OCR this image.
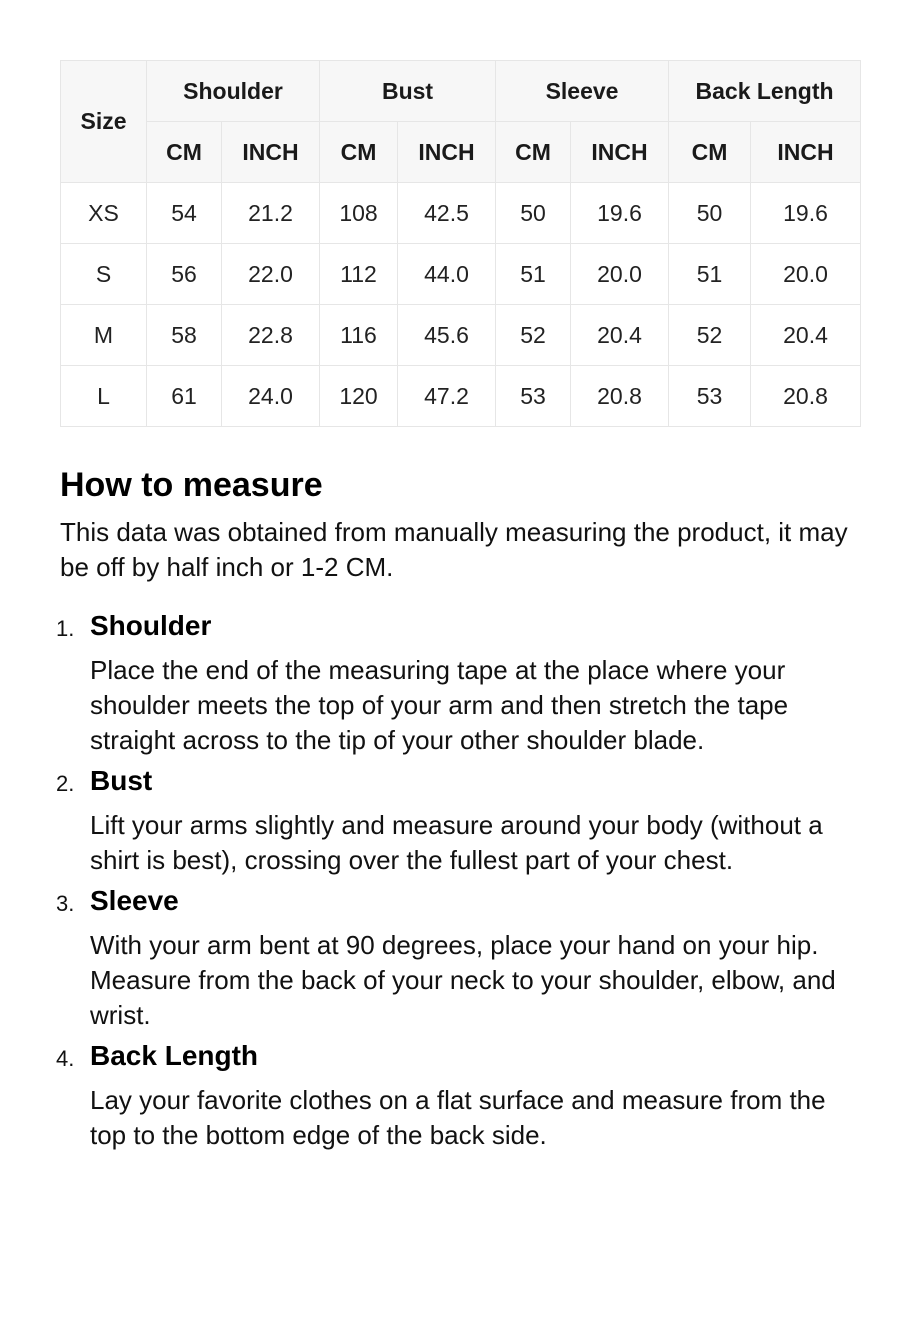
Size	Shoulder		Bust		Sleeve		Back Length	
	CM	INCH	CM	INCH	CM	INCH	CM	INCH
XS	54	21.2	108	42.5	50	19.6	50	19.6
S	56	22.0	112	44.0	51	20.0	51	20.0
M	58	22.8	116	45.6	52	20.4	52	20.4
L	61	24.0	120	47.2	53	20.8	53	20.8
How to measure

This data was obtained from manually measuring the product, it may be off by half inch or 1-2 CM.

1. Shoulder

Place the end of the measuring tape at the place where your shoulder meets the top of your arm and then stretch the tape straight across to the tip of your other shoulder blade.

2. Bust

Lift your arms slightly and measure around your body (without a shirt is best), crossing over the fullest part of your chest.

3. Sleeve

With your arm bent at 90 degrees, place your hand on your hip. Measure from the back of your neck to your shoulder, elbow, and wrist.

4. Back Length

Lay your favorite clothes on a flat surface and measure from the top to the bottom edge of the back side.
